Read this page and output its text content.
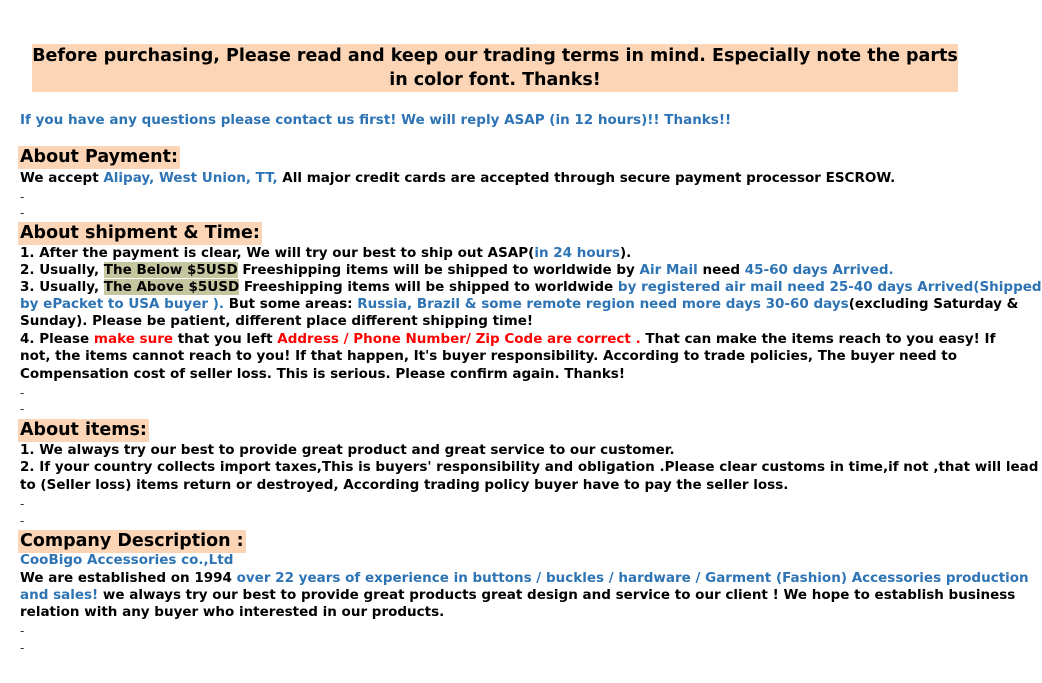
Before purchasing, Please read and keep our trading terms in mind. Especially note the parts in color font. Thanks!
If you have any questions please contact us first! We will reply ASAP (in 12 hours)!! Thanks!!
About Payment:
We accept Alipay, West Union, TT, All major credit cards are accepted through secure payment processor ESCROW.
-
-
About shipment & Time:
1. After the payment is clear, We will try our best to ship out ASAP(in 24 hours).
2. Usually, The Below $5USD Freeshipping items will be shipped to worldwide by Air Mail need 45-60 days Arrived.
3. Usually, The Above $5USD Freeshipping items will be shipped to worldwide by registered air mail need 25-40 days Arrived(Shipped
by ePacket to USA buyer ). But some areas: Russia, Brazil & some remote region need more days 30-60 days(excluding Saturday &
Sunday). Please be patient, different place different shipping time!
4. Please make sure that you left Address / Phone Number/ Zip Code are correct . That can make the items reach to you easy! If
not, the items cannot reach to you! If that happen, It's buyer responsibility. According to trade policies, The buyer need to
Compensation cost of seller loss. This is serious. Please confirm again. Thanks!
-
-
About items:
1. We always try our best to provide great product and great service to our customer.
2. If your country collects import taxes,This is buyers' responsibility and obligation .Please clear customs in time,if not ,that will lead
to (Seller loss) items return or destroyed, According trading policy buyer have to pay the seller loss.
-
-
Company Description :
CooBigo Accessories co.,Ltd
We are established on 1994 over 22 years of experience in buttons / buckles / hardware / Garment (Fashion) Accessories production
and sales! we always try our best to provide great products great design and service to our client ! We hope to establish business
relation with any buyer who interested in our products.
-
-
